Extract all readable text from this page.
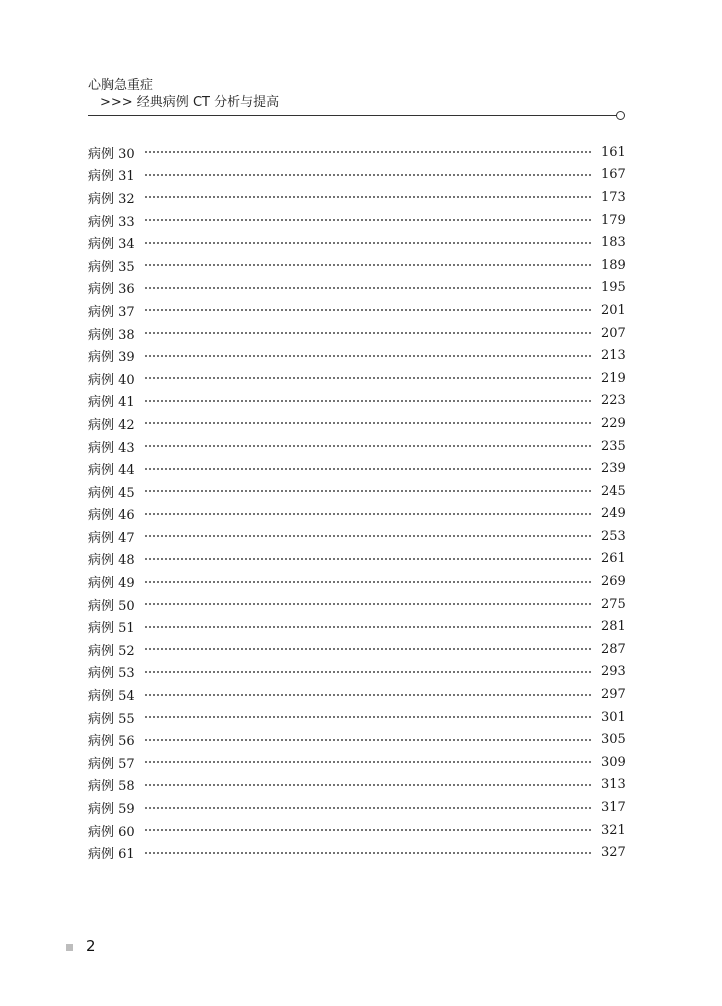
心胸急重症
>>> 经典病例 CT 分析与提高
病例 30	161
病例 31	167
病例 32	173
病例 33	179
病例 34	183
病例 35	189
病例 36	195
病例 37	201
病例 38	207
病例 39	213
病例 40	219
病例 41	223
病例 42	229
病例 43	235
病例 44	239
病例 45	245
病例 46	249
病例 47	253
病例 48	261
病例 49	269
病例 50	275
病例 51	281
病例 52	287
病例 53	293
病例 54	297
病例 55	301
病例 56	305
病例 57	309
病例 58	313
病例 59	317
病例 60	321
病例 61	327
2
